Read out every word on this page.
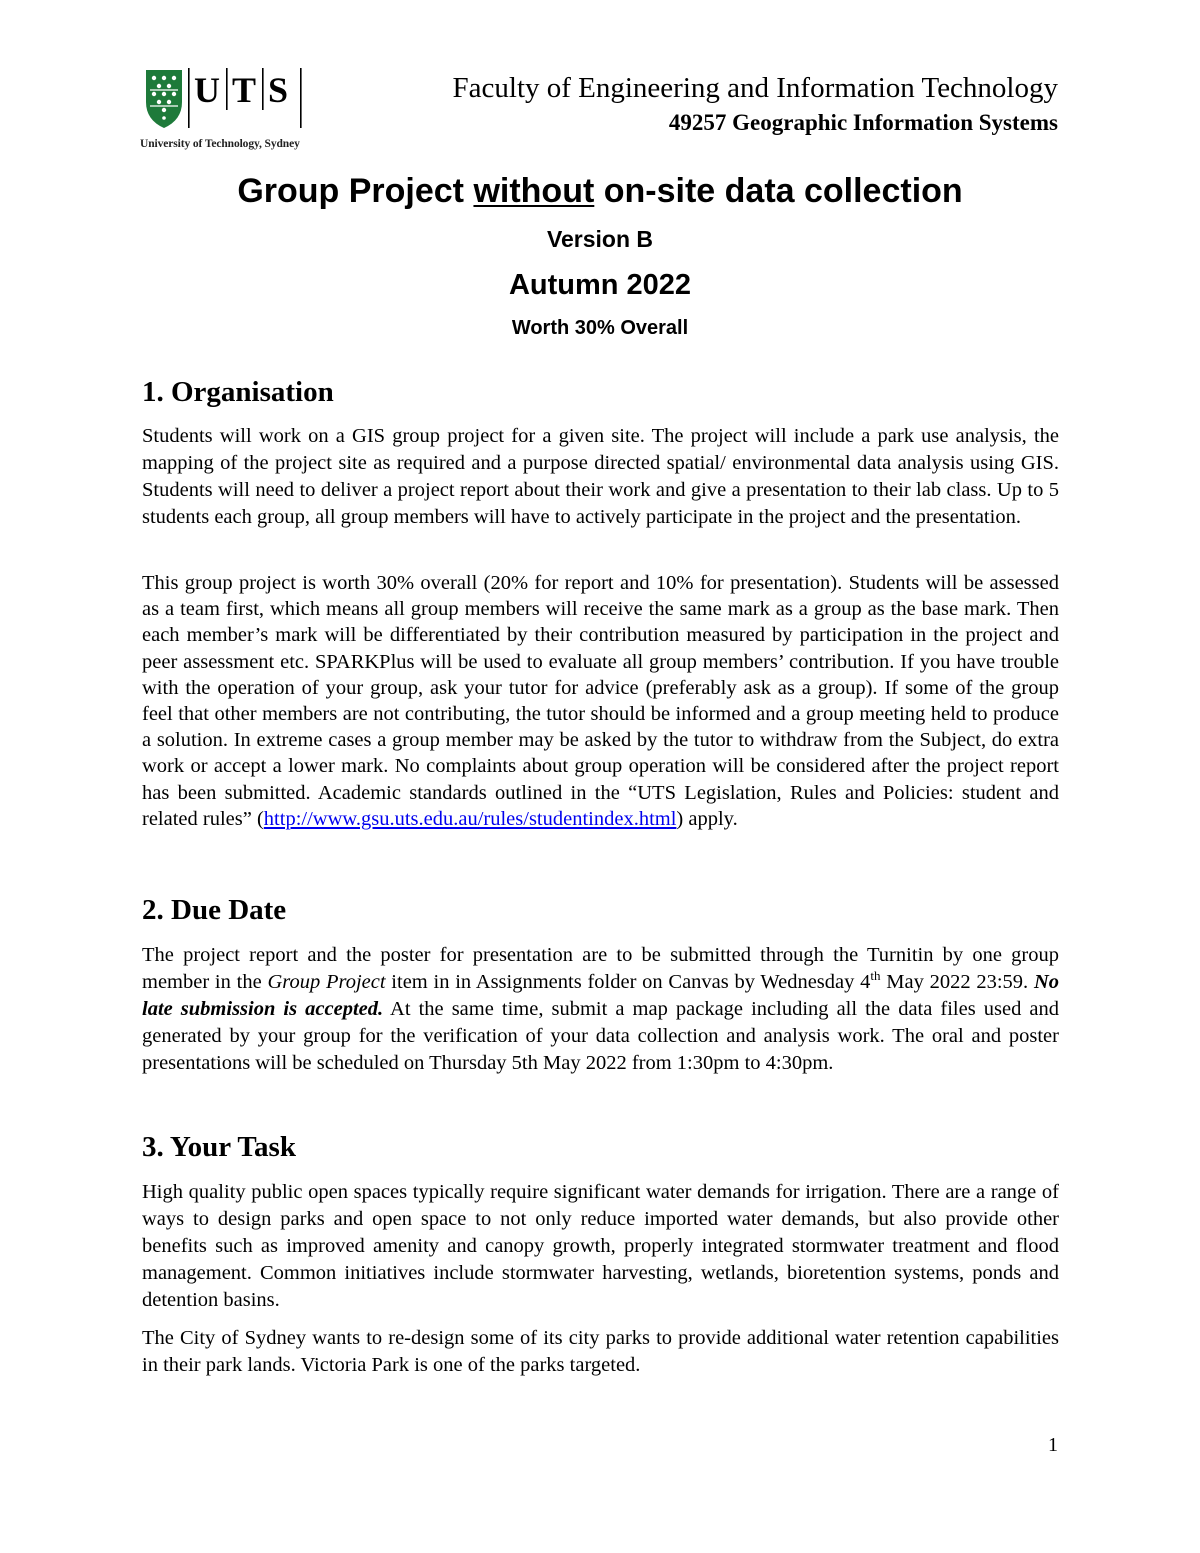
U T S
University of Technology, Sydney
Faculty of Engineering and Information Technology
49257 Geographic Information Systems
Group Project without on-site data collection
Version B
Autumn 2022
Worth 30% Overall
1. Organisation
Students will work on a GIS group project for a given site. The project will include a park use analysis, the mapping of the project site as required and a purpose directed spatial/ environmental data analysis using GIS. Students will need to deliver a project report about their work and give a presentation to their lab class. Up to 5 students each group, all group members will have to actively participate in the project and the presentation.
This group project is worth 30% overall (20% for report and 10% for presentation). Students will be assessed as a team first, which means all group members will receive the same mark as a group as the base mark. Then each member’s mark will be differentiated by their contribution measured by participation in the project and peer assessment etc. SPARKPlus will be used to evaluate all group members’ contribution. If you have trouble with the operation of your group, ask your tutor for advice (preferably ask as a group). If some of the group feel that other members are not contributing, the tutor should be informed and a group meeting held to produce a solution. In extreme cases a group member may be asked by the tutor to withdraw from the Subject, do extra work or accept a lower mark. No complaints about group operation will be considered after the project report has been submitted. Academic standards outlined in the “UTS Legislation, Rules and Policies: student and related rules” (http://www.gsu.uts.edu.au/rules/studentindex.html) apply.
2. Due Date
The project report and the poster for presentation are to be submitted through the Turnitin by one group member in the Group Project item in in Assignments folder on Canvas by Wednesday 4th May 2022 23:59. No late submission is accepted. At the same time, submit a map package including all the data files used and generated by your group for the verification of your data collection and analysis work. The oral and poster presentations will be scheduled on Thursday 5th May 2022 from 1:30pm to 4:30pm.
3. Your Task
High quality public open spaces typically require significant water demands for irrigation. There are a range of ways to design parks and open space to not only reduce imported water demands, but also provide other benefits such as improved amenity and canopy growth, properly integrated stormwater treatment and flood management. Common initiatives include stormwater harvesting, wetlands, bioretention systems, ponds and detention basins.
The City of Sydney wants to re-design some of its city parks to provide additional water retention capabilities in their park lands. Victoria Park is one of the parks targeted.
1
